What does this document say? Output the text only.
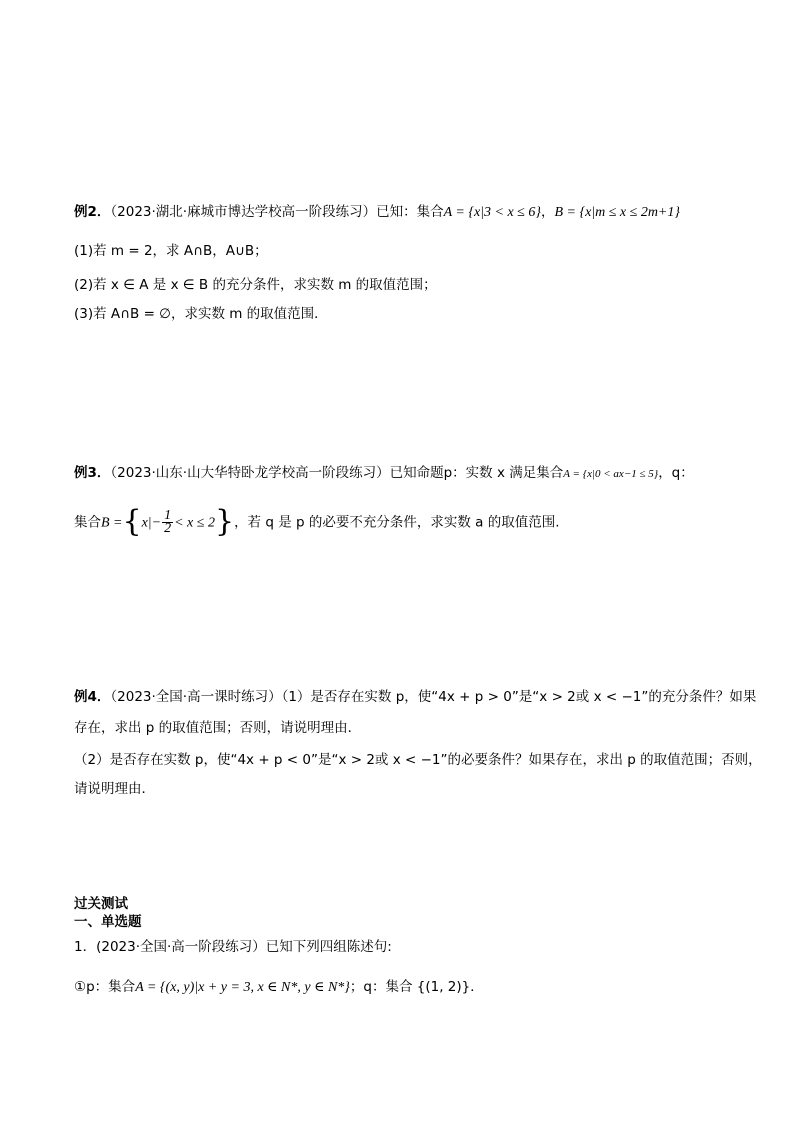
例2．（2023·湖北·麻城市博达学校高一阶段练习）已知：集合A = {x|3 < x ≤ 6}，B = {x|m ≤ x ≤ 2m+1}
(1)若 m = 2，求 A∩B，A∪B；
(2)若 x ∈ A 是 x ∈ B 的充分条件，求实数 m 的取值范围；
(3)若 A∩B = ∅，求实数 m 的取值范围．
例3．（2023·山东·山大华特卧龙学校高一阶段练习）已知命题p：实数 x 满足集合A = {x|0 < ax−1 ≤ 5}，q：
集合$B =\{x|- \frac{1}{2} < x \le 2\}$，若 q 是 p 的必要不充分条件，求实数 a 的取值范围.
例4．（2023·全国·高一课时练习）（1）是否存在实数 p，使“4x + p > 0”是“x > 2或 x < −1”的充分条件？如果
存在，求出 p 的取值范围；否则，请说明理由．
（2）是否存在实数 p，使“4x + p < 0”是“x > 2或 x < −1”的必要条件？如果存在，求出 p 的取值范围；否则，
请说明理由．
过关测试
一、单选题
1．(2023·全国·高一阶段练习）已知下列四组陈述句:
①p：集合A = {(x, y)|x + y = 3, x ∈ N*, y ∈ N*}；q：集合 {(1, 2)}．
